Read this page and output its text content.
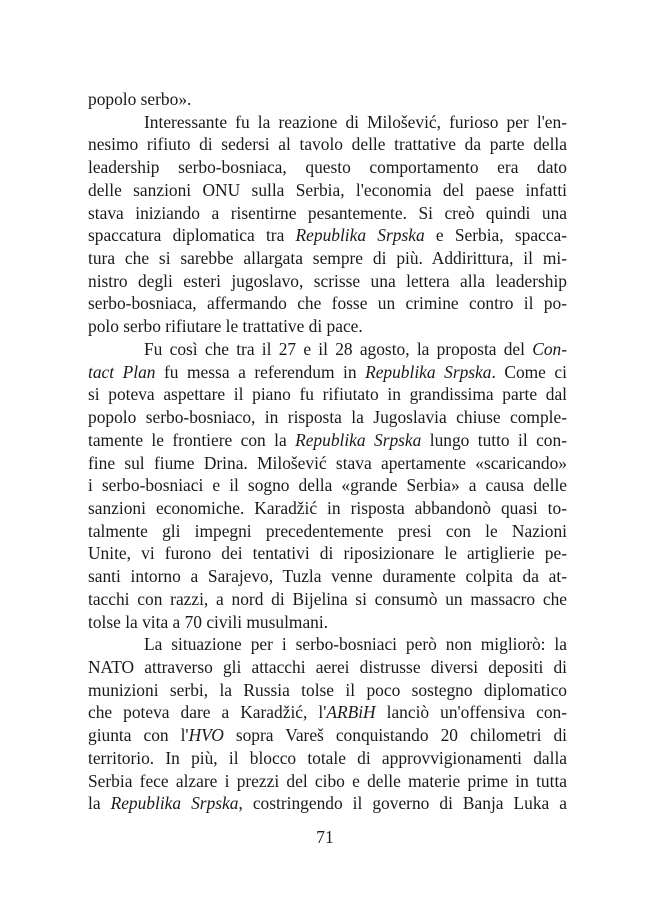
popolo serbo».
Interessante fu la reazione di Milošević, furioso per l'en-
nesimo rifiuto di sedersi al tavolo delle trattative da parte della
leadership serbo-bosniaca, questo comportamento era dato
delle sanzioni ONU sulla Serbia, l'economia del paese infatti
stava iniziando a risentirne pesantemente. Si creò quindi una
spaccatura diplomatica tra Republika Srpska e Serbia, spacca-
tura che si sarebbe allargata sempre di più. Addirittura, il mi-
nistro degli esteri jugoslavo, scrisse una lettera alla leadership
serbo-bosniaca, affermando che fosse un crimine contro il po-
polo serbo rifiutare le trattative di pace.
Fu così che tra il 27 e il 28 agosto, la proposta del Con-
tact Plan fu messa a referendum in Republika Srpska. Come ci
si poteva aspettare il piano fu rifiutato in grandissima parte dal
popolo serbo-bosniaco, in risposta la Jugoslavia chiuse comple-
tamente le frontiere con la Republika Srpska lungo tutto il con-
fine sul fiume Drina. Milošević stava apertamente «scaricando»
i serbo-bosniaci e il sogno della «grande Serbia» a causa delle
sanzioni economiche. Karadžić in risposta abbandonò quasi to-
talmente gli impegni precedentemente presi con le Nazioni
Unite, vi furono dei tentativi di riposizionare le artiglierie pe-
santi intorno a Sarajevo, Tuzla venne duramente colpita da at-
tacchi con razzi, a nord di Bijelina si consumò un massacro che
tolse la vita a 70 civili musulmani.
La situazione per i serbo-bosniaci però non migliorò: la
NATO attraverso gli attacchi aerei distrusse diversi depositi di
munizioni serbi, la Russia tolse il poco sostegno diplomatico
che poteva dare a Karadžić, l'ARBiH lanciò un'offensiva con-
giunta con l'HVO sopra Vareš conquistando 20 chilometri di
territorio. In più, il blocco totale di approvvigionamenti dalla
Serbia fece alzare i prezzi del cibo e delle materie prime in tutta
la Republika Srpska, costringendo il governo di Banja Luka a
71
